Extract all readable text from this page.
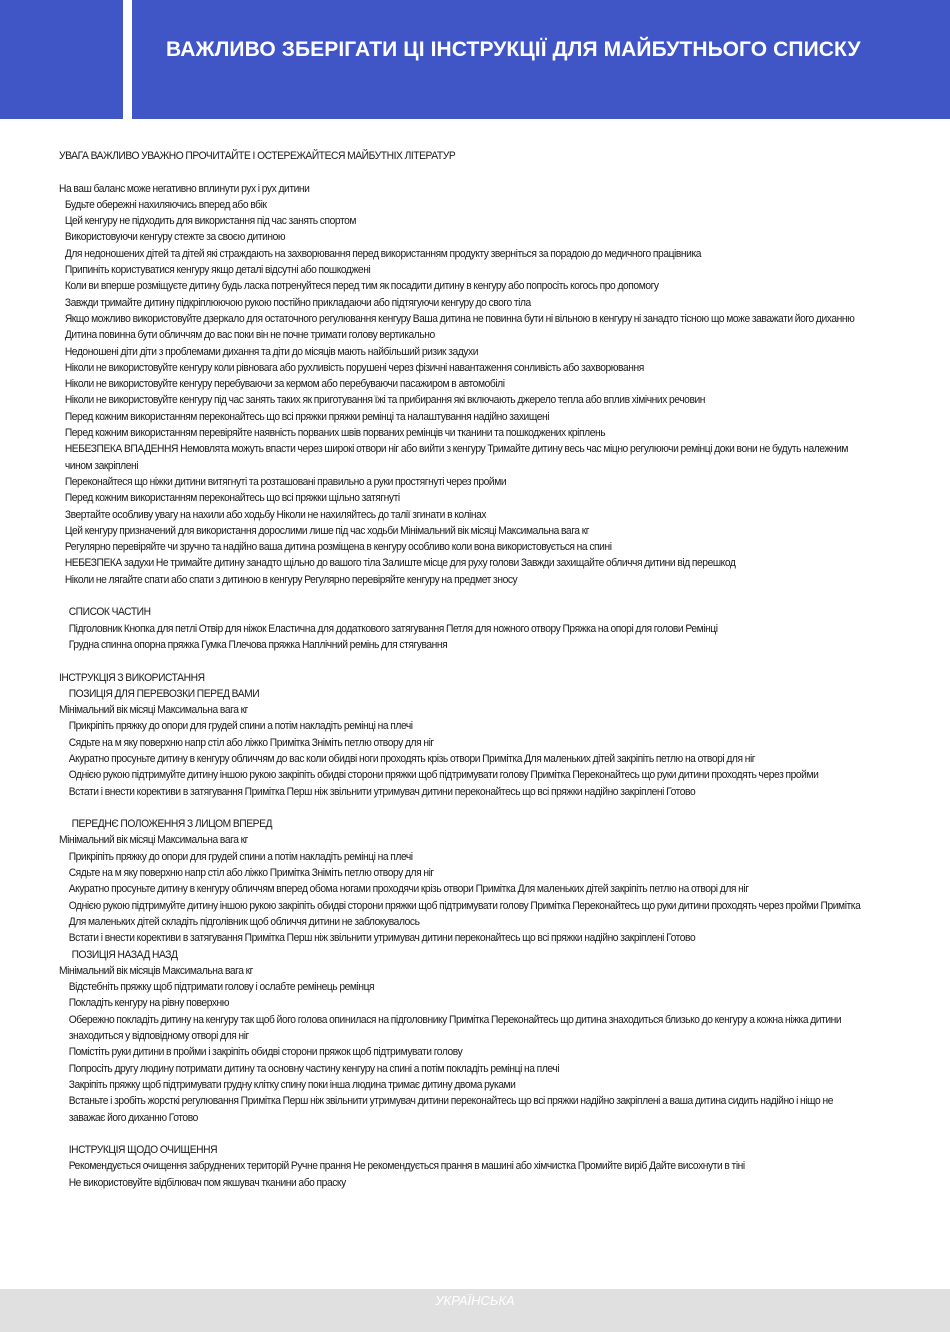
ВАЖЛИВО ЗБЕРІГАТИ ЦІ ІНСТРУКЦІЇ ДЛЯ МАЙБУТНЬОГО СПИСКУ
УВАГА ВАЖЛИВО УВАЖНО ПРОЧИТАЙТЕ І ОСТЕРЕЖАЙТЕСЯ МАЙБУТНІХ ЛІТЕРАТУР
На ваш баланс може негативно вплинути рух і рух дитини
Будьте обережні нахиляючись вперед або вбік
Цей кенгуру не підходить для використання під час занять спортом
Використовуючи кенгуру стежте за своєю дитиною
Для недоношених дітей та дітей які страждають на захворювання перед використанням продукту зверніться за порадою до медичного працівника
Припиніть користуватися кенгуру якщо деталі відсутні або пошкоджені
Коли ви вперше розміщуєте дитину будь ласка потренуйтеся перед тим як посадити дитину в кенгуру або попросіть когось про допомогу
Завжди тримайте дитину підкріплюючою рукою постійно прикладаючи або підтягуючи кенгуру до свого тіла
Якщо можливо використовуйте дзеркало для остаточного регулювання кенгуру Ваша дитина не повинна бути ні вільною в кенгуру ні занадто тісною що може заважати його диханню
Дитина повинна бути обличчям до вас поки він не почне тримати голову вертикально
Недоношені діти діти з проблемами дихання та діти до місяців мають найбільший ризик задухи
Ніколи не використовуйте кенгуру коли рівновага або рухливість порушені через фізичні навантаження сонливість або захворювання
Ніколи не використовуйте кенгуру перебуваючи за кермом або перебуваючи пасажиром в автомобілі
Ніколи не використовуйте кенгуру під час занять таких як приготування їжі та прибирання які включають джерело тепла або вплив хімічних речовин
Перед кожним використанням переконайтесь що всі пряжки пряжки ремінці та налаштування надійно захищені
Перед кожним використанням перевіряйте наявність порваних швів порваних ремінців чи тканини та пошкоджених кріплень
НЕБЕЗПЕКА ВПАДЕННЯ Немовлята можуть впасти через широкі отвори ніг або вийти з кенгуру Тримайте дитину весь час міцно регулюючи ремінці доки вони не будуть належним чином закріплені
Переконайтеся що ніжки дитини витягнуті та розташовані правильно а руки простягнуті через пройми
Перед кожним використанням переконайтесь що всі пряжки щільно затягнуті
Звертайте особливу увагу на нахили або ходьбу Ніколи не нахиляйтесь до талії згинати в колінах
Цей кенгуру призначений для використання дорослими лише під час ходьби Мінімальний вік місяці Максимальна вага кг
Регулярно перевіряйте чи зручно та надійно ваша дитина розміщена в кенгуру особливо коли вона використовується на спині
НЕБЕЗПЕКА задухи Не тримайте дитину занадто щільно до вашого тіла Залиште місце для руху голови Завжди захищайте обличчя дитини від перешкод
Ніколи не лягайте спати або спати з дитиною в кенгуру Регулярно перевіряйте кенгуру на предмет зносу
СПИСОК ЧАСТИН
Підголовник Кнопка для петлі Отвір для ніжок Еластична для додаткового затягування Петля для ножного отвору Пряжка на опорі для голови Ремінці
Грудна спинна опорна пряжка Гумка Плечова пряжка Наплічний ремінь для стягування
ІНСТРУКЦІЯ З ВИКОРИСТАННЯ
ПОЗИЦІЯ ДЛЯ ПЕРЕВОЗКИ ПЕРЕД ВАМИ
Мінімальний вік місяці Максимальна вага кг
Прикріпіть пряжку до опори для грудей спини а потім накладіть ремінці на плечі
Сядьте на м яку поверхню напр стіл або ліжко Примітка Зніміть петлю отвору для ніг
Акуратно просуньте дитину в кенгуру обличчям до вас коли обидві ноги проходять крізь отвори Примітка Для маленьких дітей закріпіть петлю на отворі для ніг
Однією рукою підтримуйте дитину іншою рукою закріпіть обидві сторони пряжки щоб підтримувати голову Примітка Переконайтесь що руки дитини проходять через пройми
Встати і внести корективи в затягування Примітка Перш ніж звільнити утримувач дитини переконайтесь що всі пряжки надійно закріплені Готово
ПЕРЕДНЄ ПОЛОЖЕННЯ З ЛИЦОМ ВПЕРЕД
Мінімальний вік місяці Максимальна вага кг
Прикріпіть пряжку до опори для грудей спини а потім накладіть ремінці на плечі
Сядьте на м яку поверхню напр стіл або ліжко Примітка Зніміть петлю отвору для ніг
Акуратно просуньте дитину в кенгуру обличчям вперед обома ногами проходячи крізь отвори Примітка Для маленьких дітей закріпіть петлю на отворі для ніг
Однією рукою підтримуйте дитину іншою рукою закріпіть обидві сторони пряжки щоб підтримувати голову Примітка Переконайтесь що руки дитини проходять через пройми Примітка Для маленьких дітей складіть підголівник щоб обличчя дитини не заблокувалось
Встати і внести корективи в затягування Примітка Перш ніж звільнити утримувач дитини переконайтесь що всі пряжки надійно закріплені Готово
ПОЗИЦІЯ НАЗАД НАЗД
Мінімальний вік місяців Максимальна вага кг
Відстебніть пряжку щоб підтримати голову і ослабте ремінець ремінця
Покладіть кенгуру на рівну поверхню
Обережно покладіть дитину на кенгуру так щоб його голова опинилася на підголовнику Примітка Переконайтесь що дитина знаходиться близько до кенгуру а кожна ніжка дитини знаходиться у відповідному отворі для ніг
Помістіть руки дитини в пройми і закріпіть обидві сторони пряжок щоб підтримувати голову
Попросіть другу людину потримати дитину та основну частину кенгуру на спині а потім покладіть ремінці на плечі
Закріпіть пряжку щоб підтримувати грудну клітку спину поки інша людина тримає дитину двома руками
Встаньте і зробіть жорсткі регулювання Примітка Перш ніж звільнити утримувач дитини переконайтесь що всі пряжки надійно закріплені а ваша дитина сидить надійно і ніщо не заважає його диханню Готово
ІНСТРУКЦІЯ ЩОДО ОЧИЩЕННЯ
Рекомендується очищення забруднених територій Ручне прання Не рекомендується прання в машині або хімчистка Промийте виріб Дайте висохнути в тіні
Не використовуйте відбілювач пом якшувач тканини або праску
УКРАЇНСЬКА
